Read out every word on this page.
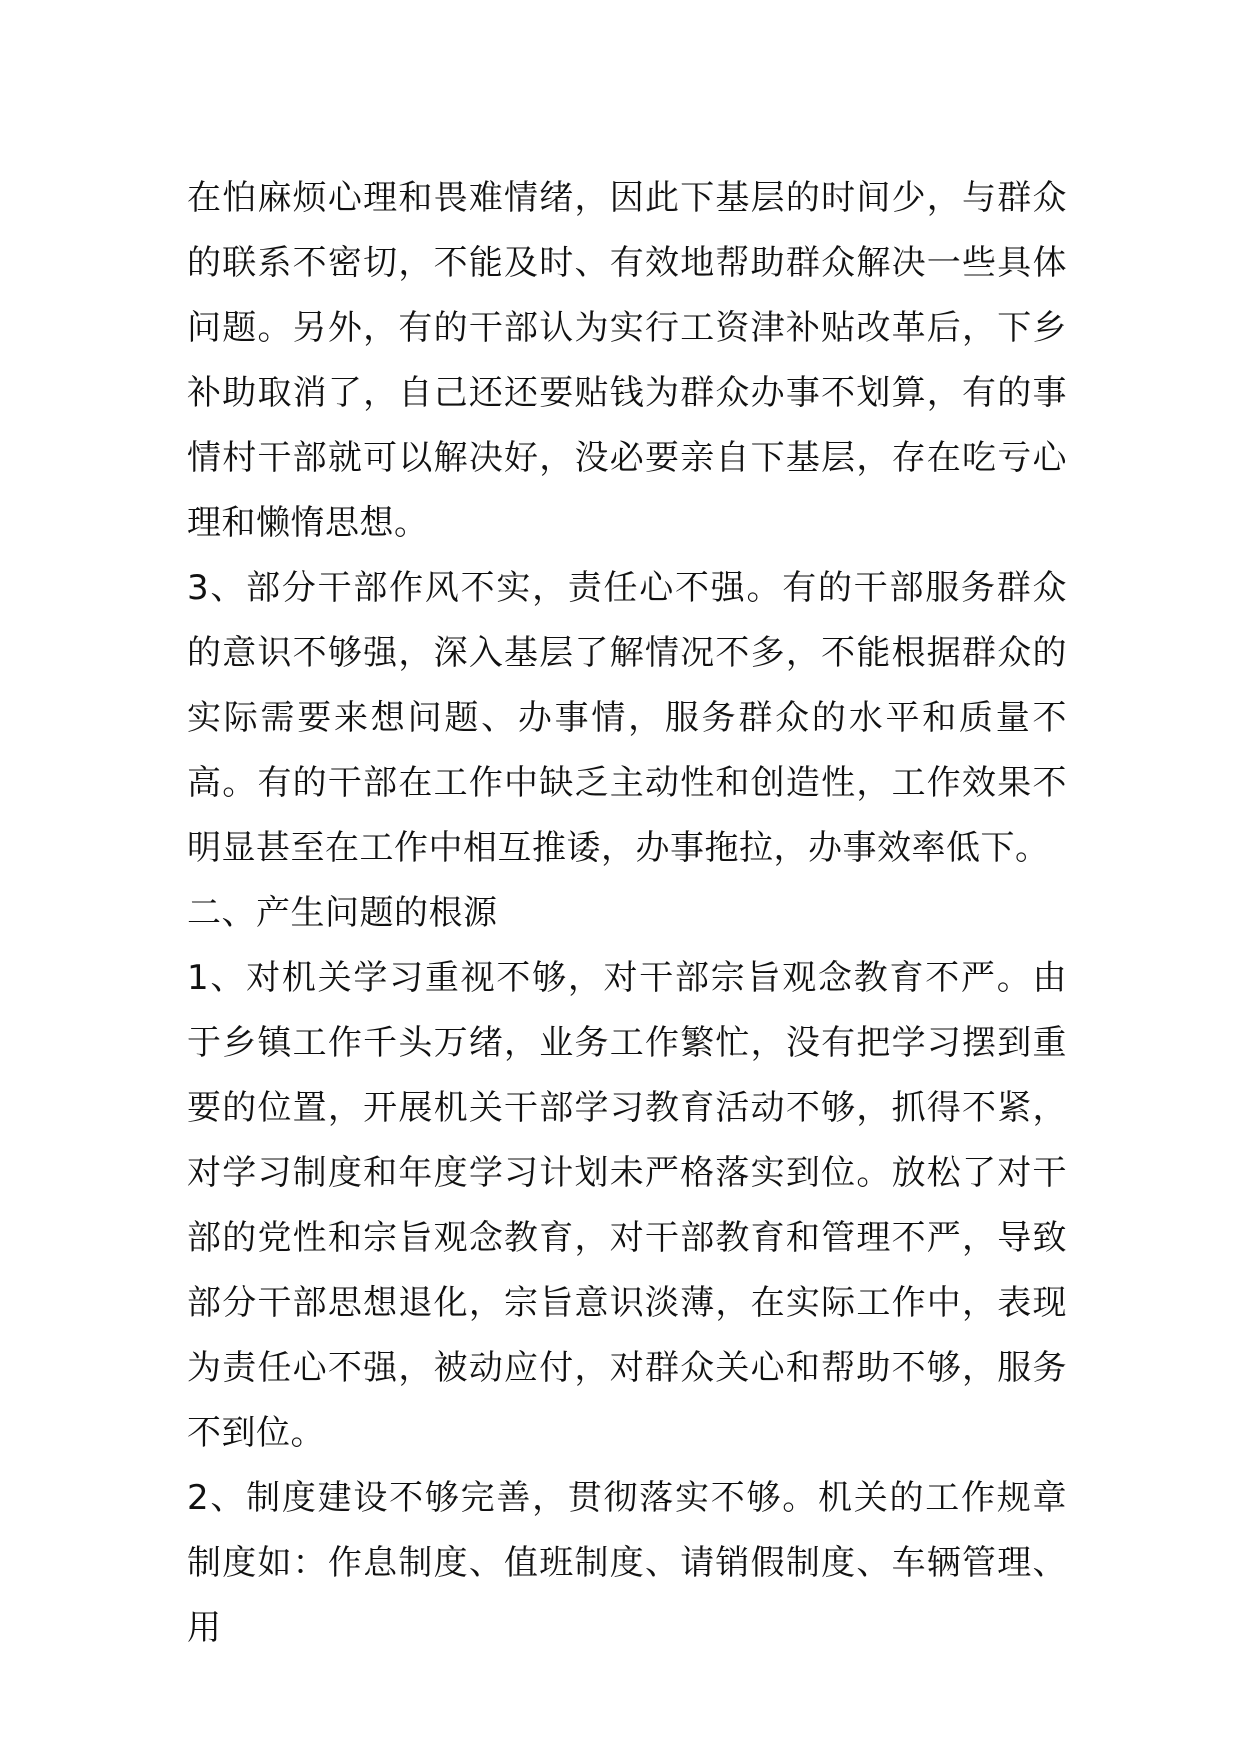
在怕麻烦心理和畏难情绪，因此下基层的时间少，与群众的联系不密切，不能及时、有效地帮助群众解决一些具体问题。另外，有的干部认为实行工资津补贴改革后，下乡补助取消了，自己还还要贴钱为群众办事不划算，有的事情村干部就可以解决好，没必要亲自下基层，存在吃亏心理和懒惰思想。

3、部分干部作风不实，责任心不强。有的干部服务群众的意识不够强，深入基层了解情况不多，不能根据群众的实际需要来想问题、办事情，服务群众的水平和质量不高。有的干部在工作中缺乏主动性和创造性，工作效果不明显甚至在工作中相互推诿，办事拖拉，办事效率低下。

二、产生问题的根源

1、对机关学习重视不够，对干部宗旨观念教育不严。由于乡镇工作千头万绪，业务工作繁忙，没有把学习摆到重要的位置，开展机关干部学习教育活动不够，抓得不紧，对学习制度和年度学习计划未严格落实到位。放松了对干部的党性和宗旨观念教育，对干部教育和管理不严，导致部分干部思想退化，宗旨意识淡薄，在实际工作中，表现为责任心不强，被动应付，对群众关心和帮助不够，服务不到位。

2、制度建设不够完善，贯彻落实不够。机关的工作规章制度如：作息制度、值班制度、请销假制度、车辆管理、用
